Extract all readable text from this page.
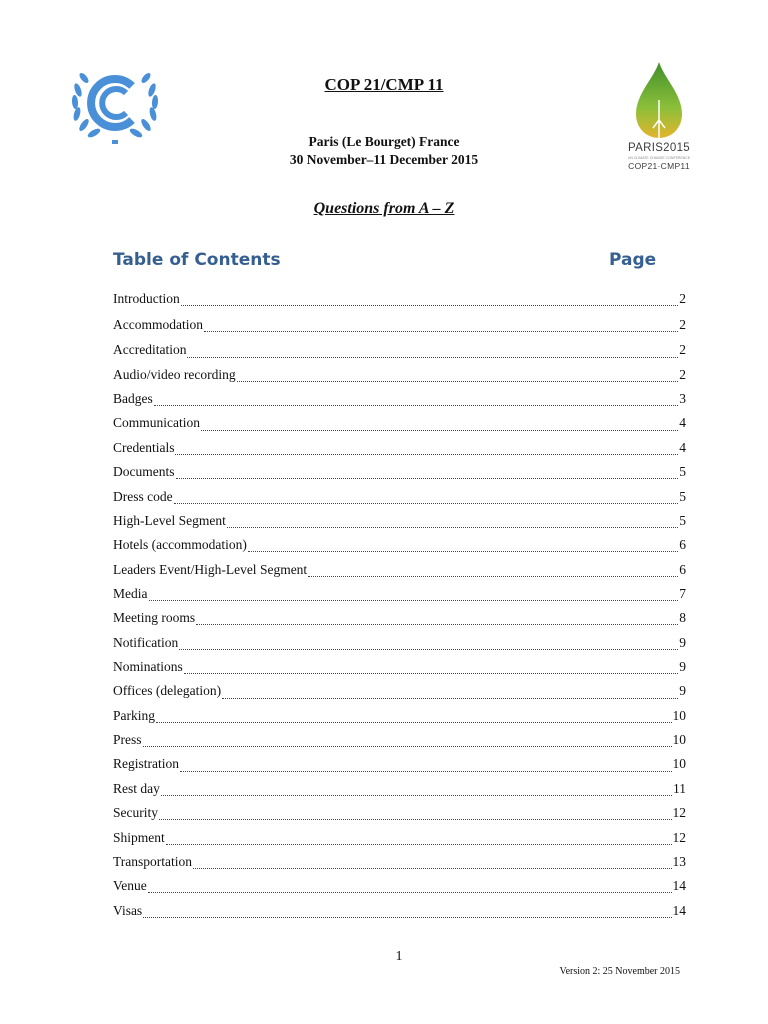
PARIS2015
UN CLIMATE CHANGE CONFERENCE
COP21·CMP11
COP 21/CMP 11
Paris (Le Bourget) France
30 November–11 December 2015
Questions from A – Z
Table of Contents	Page
Introduction	2
Accommodation	2
Accreditation	2
Audio/video recording	2
Badges	3
Communication	4
Credentials	4
Documents	5
Dress code	5
High-Level Segment	5
Hotels (accommodation)	6
Leaders Event/High-Level Segment	6
Media	7
Meeting rooms	8
Notification	9
Nominations	9
Offices (delegation)	9
Parking	10
Press	10
Registration	10
Rest day	11
Security	12
Shipment	12
Transportation	13
Venue	14
Visas	14
1
Version 2: 25 November 2015
